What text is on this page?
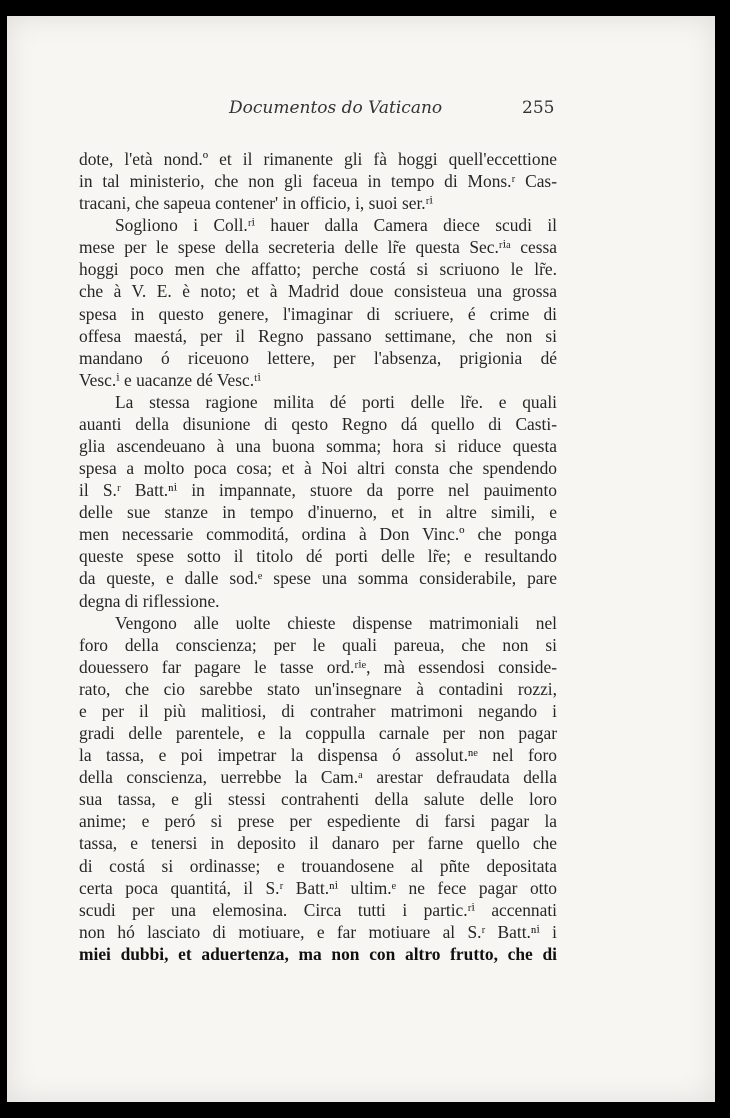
Documentos do Vaticano	255
dote, l'età nond.º et il rimanente gli fà hoggi quell'eccettione
in tal ministerio, che non gli faceua in tempo di Mons.ʳ Cas-
tracani, che sapeua contener' in officio, i, suoi ser.ʳⁱ
Sogliono i Coll.ʳⁱ hauer dalla Camera diece scudi il
mese per le spese della secreteria delle lr̃e questa Sec.ʳⁱᵃ cessa
hoggi poco men che affatto; perche costá si scriuono le lr̃e.
che à V. E. è noto; et à Madrid doue consisteua una grossa
spesa in questo genere, l'imaginar di scriuere, é crime di
offesa maestá, per il Regno passano settimane, che non si
mandano ó riceuono lettere, per l'absenza, prigionia dé
Vesc.ⁱ e uacanze dé Vesc.ᵗⁱ
La stessa ragione milita dé porti delle lr̃e. e quali
auanti della disunione di qesto Regno dá quello di Casti-
glia ascendeuano à una buona somma; hora si riduce questa
spesa a molto poca cosa; et à Noi altri consta che spendendo
il S.ʳ Batt.ⁿⁱ in impannate, stuore da porre nel pauimento
delle sue stanze in tempo d'inuerno, et in altre simili, e
men necessarie commoditá, ordina à Don Vinc.º che ponga
queste spese sotto il titolo dé porti delle lr̃e; e resultando
da queste, e dalle sod.ᵉ spese una somma considerabile, pare
degna di riflessione.
Vengono alle uolte chieste dispense matrimoniali nel
foro della conscienza; per le quali pareua, che non si
douessero far pagare le tasse ord.ʳⁱᵉ, mà essendosi conside-
rato, che cio sarebbe stato un'insegnare à contadini rozzi,
e per il più malitiosi, di contraher matrimoni negando i
gradi delle parentele, e la coppulla carnale per non pagar
la tassa, e poi impetrar la dispensa ó assolut.ⁿᵉ nel foro
della conscienza, uerrebbe la Cam.ᵃ arestar defraudata della
sua tassa, e gli stessi contrahenti della salute delle loro
anime; e peró si prese per espediente di farsi pagar la
tassa, e tenersi in deposito il danaro per farne quello che
di costá si ordinasse; e trouandosene al pñte depositata
certa poca quantitá, il S.ʳ Batt.ⁿⁱ ultim.ᵉ ne fece pagar otto
scudi per una elemosina. Circa tutti i partic.ʳⁱ accennati
non hó lasciato di motiuare, e far motiuare al S.ʳ Batt.ⁿⁱ i
miei dubbi, et aduertenza, ma non con altro frutto, che di
